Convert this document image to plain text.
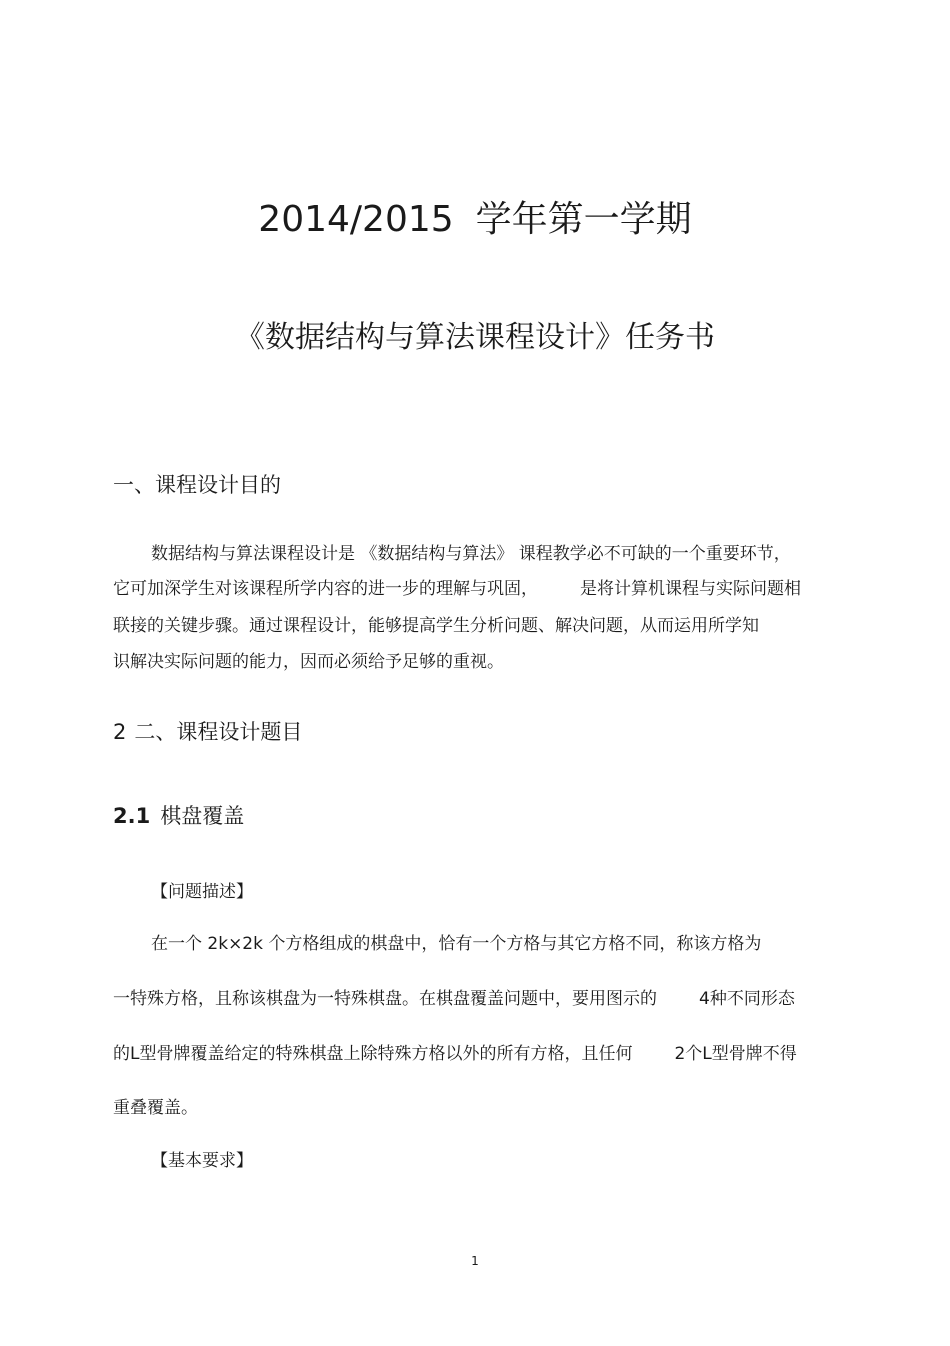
2014/2015 学年第一学期
《数据结构与算法课程设计》任务书
一、课程设计目的
数据结构与算法课程设计是 《数据结构与算法》 课程教学必不可缺的一个重要环节，
它可加深学生对该课程所学内容的进一步的理解与巩固， 是将计算机课程与实际问题相
联接的关键步骤。通过课程设计，能够提高学生分析问题、解决问题，从而运用所学知
识解决实际问题的能力，因而必须给予足够的重视。
2 二、课程设计题目
2.1 棋盘覆盖
【问题描述】
在一个 2k×2k 个方格组成的棋盘中，恰有一个方格与其它方格不同，称该方格为
一特殊方格，且称该棋盘为一特殊棋盘。在棋盘覆盖问题中，要用图示的 4种不同形态
的L型骨牌覆盖给定的特殊棋盘上除特殊方格以外的所有方格，且任何 2个L型骨牌不得
重叠覆盖。
【基本要求】
1
